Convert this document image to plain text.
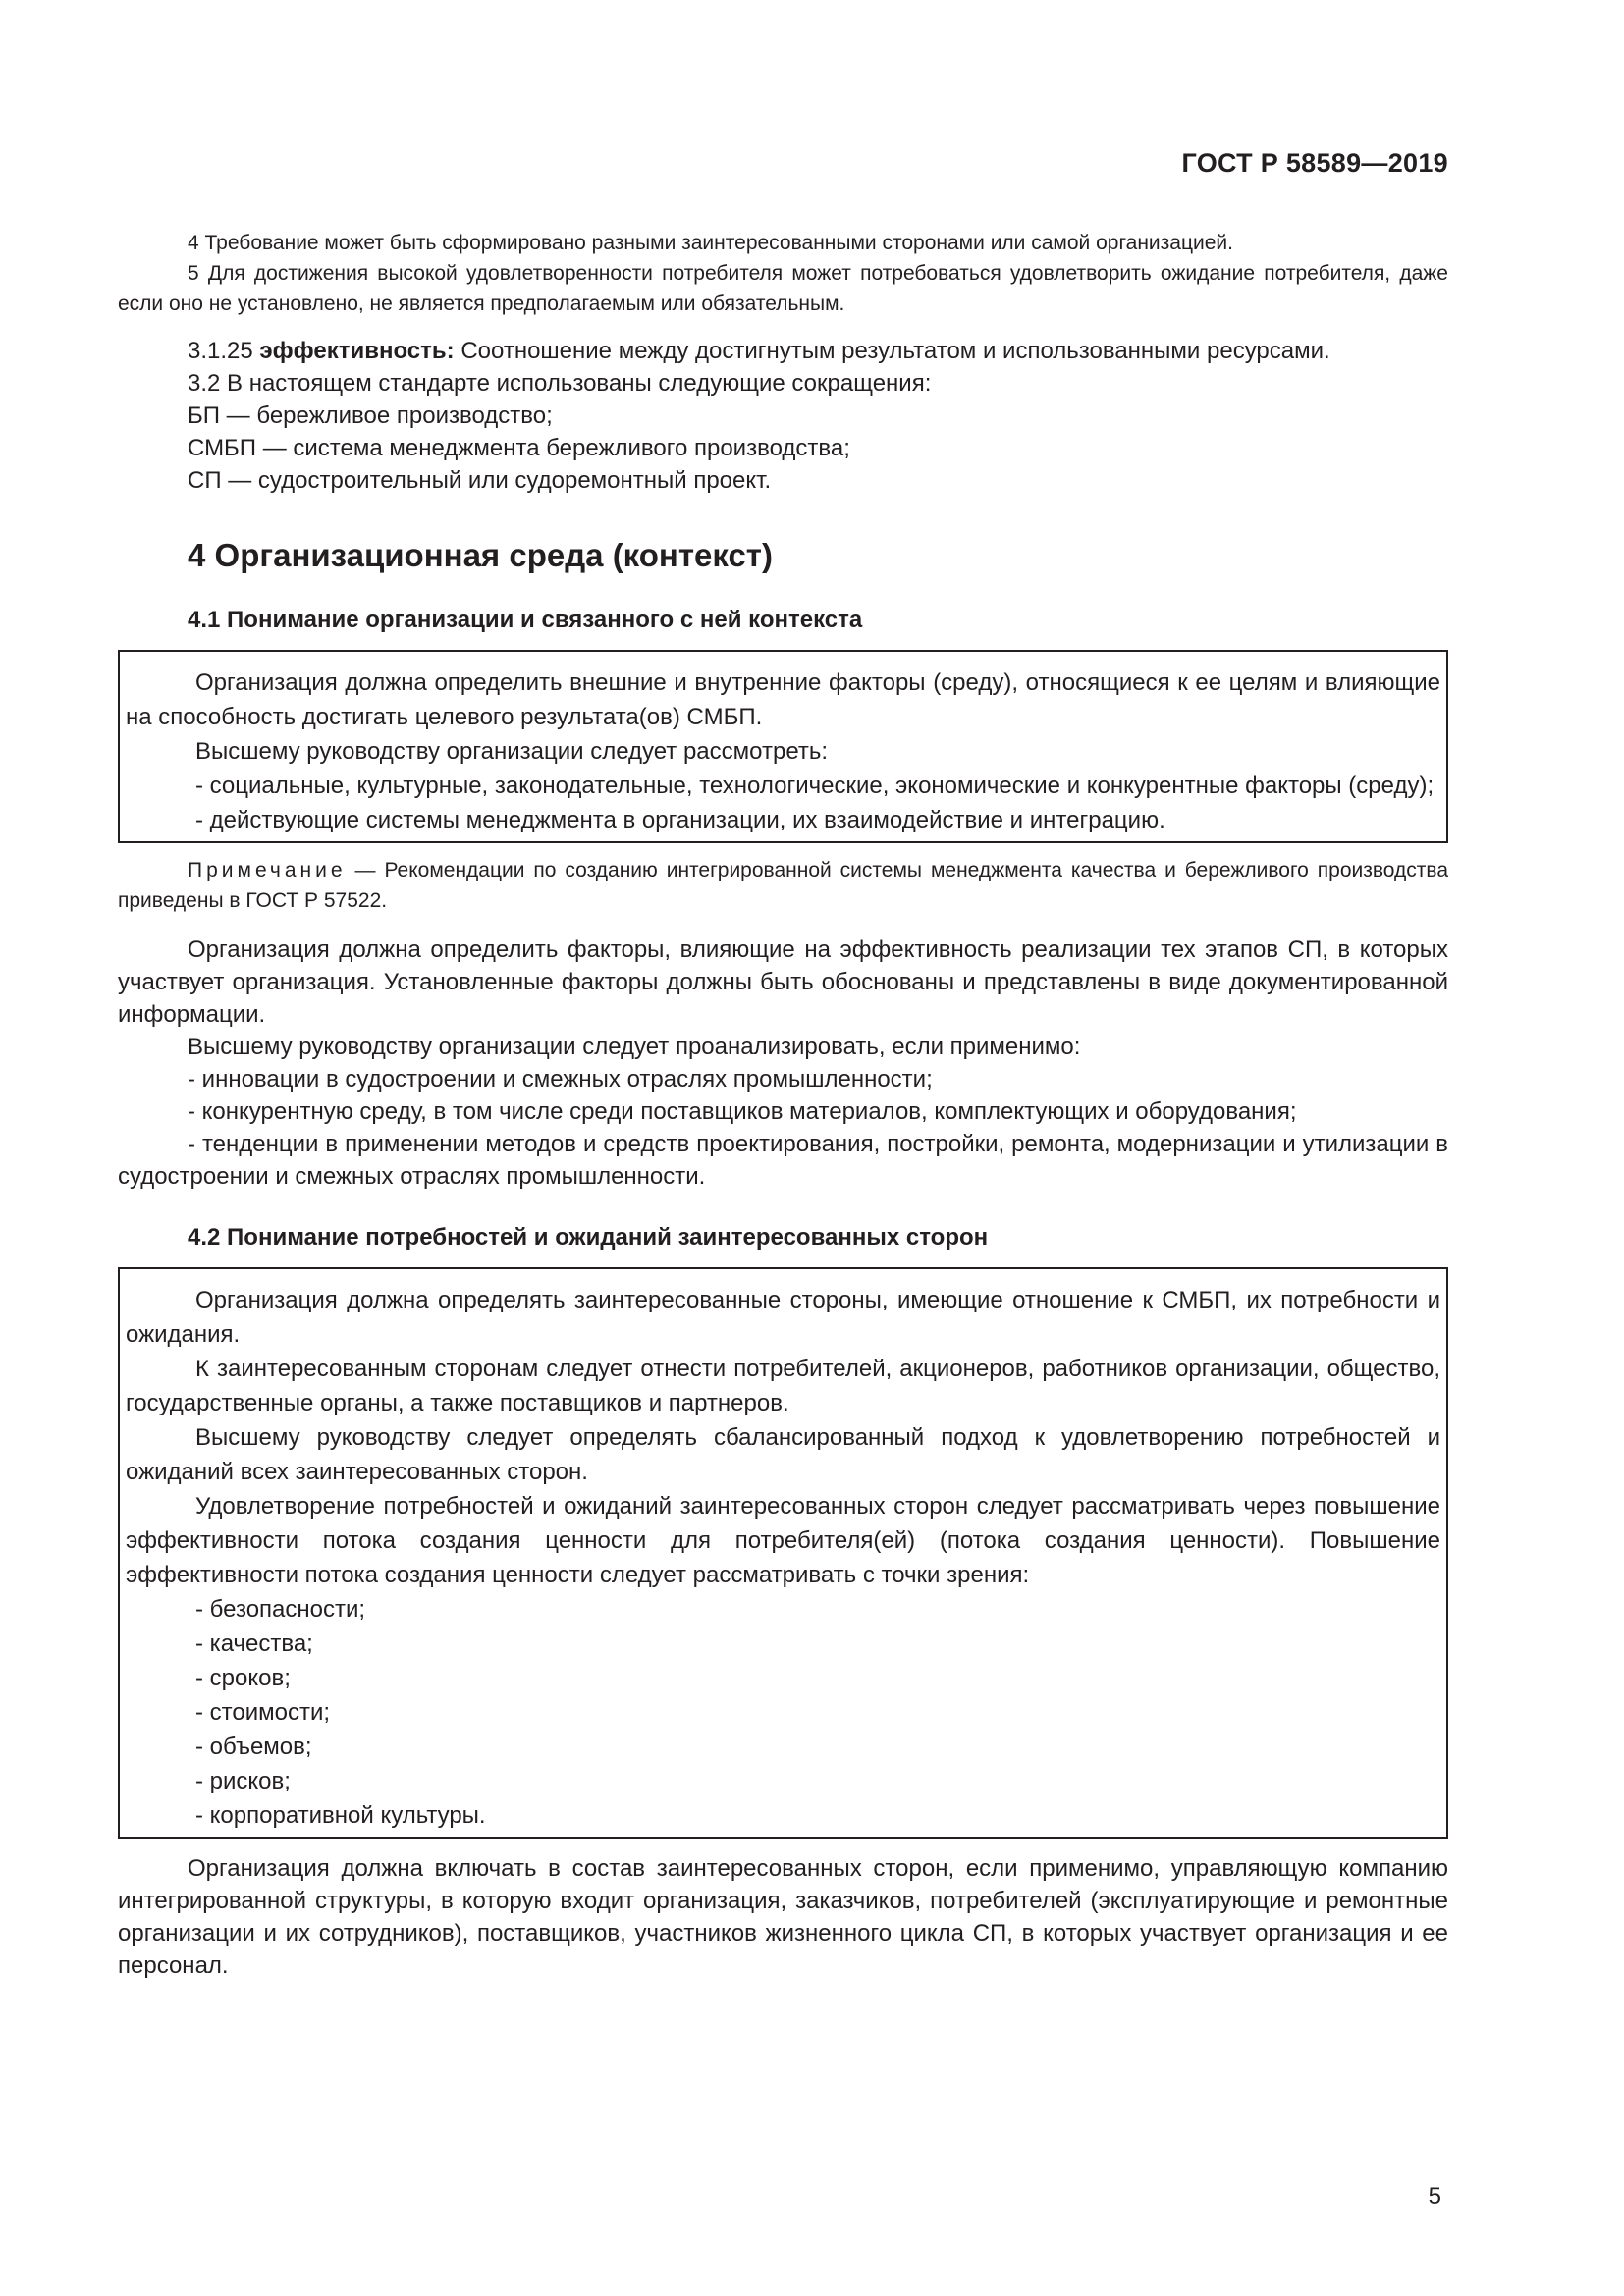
ГОСТ Р 58589—2019

4 Требование может быть сформировано разными заинтересованными сторонами или самой организацией.

5 Для достижения высокой удовлетворенности потребителя может потребоваться удовлетворить ожидание потребителя, даже если оно не установлено, не является предполагаемым или обязательным.

3.1.25 эффективность: Соотношение между достигнутым результатом и использованными ресурсами.

3.2 В настоящем стандарте использованы следующие сокращения:

БП — бережливое производство;

СМБП — система менеджмента бережливого производства;

СП — судостроительный или судоремонтный проект.

4 Организационная среда (контекст)
4.1 Понимание организации и связанного с ней контекста

Организация должна определить внешние и внутренние факторы (среду), относящиеся к ее целям и влияющие на способность достигать целевого результата(ов) СМБП.

Высшему руководству организации следует рассмотреть:

- социальные, культурные, законодательные, технологические, экономические и конкурентные факторы (среду);

- действующие системы менеджмента в организации, их взаимодействие и интеграцию.

Примечание — Рекомендации по созданию интегрированной системы менеджмента качества и бережливого производства приведены в ГОСТ Р 57522.

Организация должна определить факторы, влияющие на эффективность реализации тех этапов СП, в которых участвует организация. Установленные факторы должны быть обоснованы и представлены в виде документированной информации.

Высшему руководству организации следует проанализировать, если применимо:

- инновации в судостроении и смежных отраслях промышленности;

- конкурентную среду, в том числе среди поставщиков материалов, комплектующих и оборудования;

- тенденции в применении методов и средств проектирования, постройки, ремонта, модернизации и утилизации в судостроении и смежных отраслях промышленности.

4.2 Понимание потребностей и ожиданий заинтересованных сторон

Организация должна определять заинтересованные стороны, имеющие отношение к СМБП, их потребности и ожидания.

К заинтересованным сторонам следует отнести потребителей, акционеров, работников организации, общество, государственные органы, а также поставщиков и партнеров.

Высшему руководству следует определять сбалансированный подход к удовлетворению потребностей и ожиданий всех заинтересованных сторон.

Удовлетворение потребностей и ожиданий заинтересованных сторон следует рассматривать через повышение эффективности потока создания ценности для потребителя(ей) (потока создания ценности). Повышение эффективности потока создания ценности следует рассматривать с точки зрения:

- безопасности;

- качества;

- сроков;

- стоимости;

- объемов;

- рисков;

- корпоративной культуры.

Организация должна включать в состав заинтересованных сторон, если применимо, управляющую компанию интегрированной структуры, в которую входит организация, заказчиков, потребителей (эксплуатирующие и ремонтные организации и их сотрудников), поставщиков, участников жизненного цикла СП, в которых участвует организация и ее персонал.

5
